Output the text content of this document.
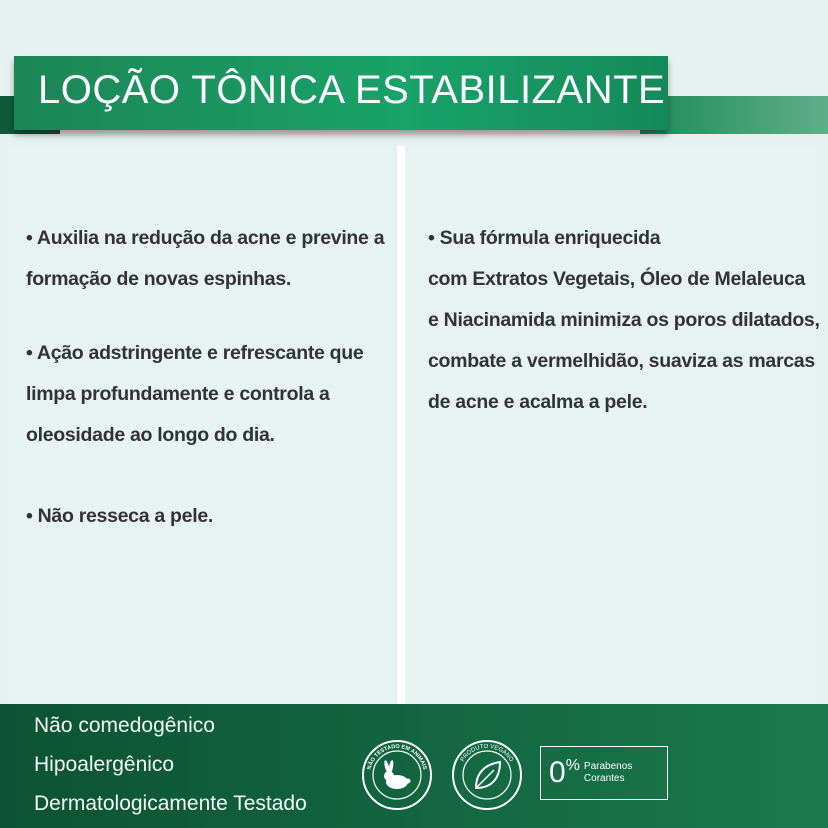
LOÇÃO TÔNICA ESTABILIZANTE

• Auxilia na redução da acne e previne a
formação de novas espinhas.

• Ação adstringente e refrescante que
limpa profundamente e controla a
oleosidade ao longo do dia.

• Não resseca a pele.

• Sua fórmula enriquecida
com Extratos Vegetais, Óleo de Melaleuca
e Niacinamida minimiza os poros dilatados,
combate a vermelhidão, suaviza as marcas
de acne e acalma a pele.

Não comedogênico
Hipoalergênico
Dermatologicamente Testado
NÃO TESTADO EM ANIMAIS
PRODUTO VEGANO 0% Parabenos
Corantes
